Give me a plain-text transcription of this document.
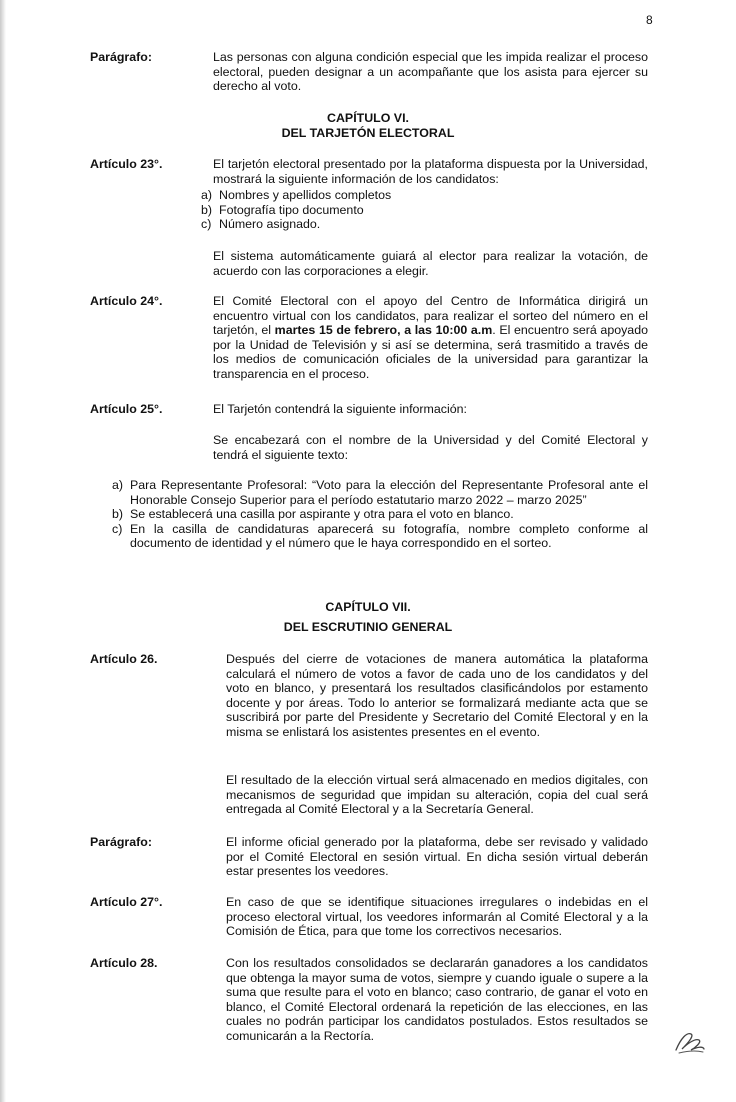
8
Parágrafo:	Las personas con alguna condición especial que les impida realizar el proceso electoral, pueden designar a un acompañante que los asista para ejercer su derecho al voto.

CAPÍTULO VI.
DEL TARJETÓN ELECTORAL
Artículo 23°.	El tarjetón electoral presentado por la plataforma dispuesta por la Universidad, mostrará la siguiente información de los candidatos:

a) Nombres y apellidos completos
b) Fotografía tipo documento
c) Número asignado.

El sistema automáticamente guiará al elector para realizar la votación, de acuerdo con las corporaciones a elegir.

Artículo 24°.	El Comité Electoral con el apoyo del Centro de Informática dirigirá un encuentro virtual con los candidatos, para realizar el sorteo del número en el tarjetón, el martes 15 de febrero, a las 10:00 a.m. El encuentro será apoyado por la Unidad de Televisión y si así se determina, será trasmitido a través de los medios de comunicación oficiales de la universidad para garantizar la transparencia en el proceso.

Artículo 25°.	El Tarjetón contendrá la siguiente información:

Se encabezará con el nombre de la Universidad y del Comité Electoral y tendrá el siguiente texto:

a) Para Representante Profesoral: “Voto para la elección del Representante Profesoral ante el Honorable Consejo Superior para el período estatutario marzo 2022 – marzo 2025”
b) Se establecerá una casilla por aspirante y otra para el voto en blanco.
c) En la casilla de candidaturas aparecerá su fotografía, nombre completo conforme al documento de identidad y el número que le haya correspondido en el sorteo.
CAPÍTULO VII.
DEL ESCRUTINIO GENERAL
Artículo 26.	Después del cierre de votaciones de manera automática la plataforma calculará el número de votos a favor de cada uno de los candidatos y del voto en blanco, y presentará los resultados clasificándolos por estamento docente y por áreas. Todo lo anterior se formalizará mediante acta que se suscribirá por parte del Presidente y Secretario del Comité Electoral y en la misma se enlistará los asistentes presentes en el evento.

El resultado de la elección virtual será almacenado en medios digitales, con mecanismos de seguridad que impidan su alteración, copia del cual será entregada al Comité Electoral y a la Secretaría General.

Parágrafo:	El informe oficial generado por la plataforma, debe ser revisado y validado por el Comité Electoral en sesión virtual. En dicha sesión virtual deberán estar presentes los veedores.

Artículo 27°.	En caso de que se identifique situaciones irregulares o indebidas en el proceso electoral virtual, los veedores informarán al Comité Electoral y a la Comisión de Ética, para que tome los correctivos necesarios.

Artículo 28.	Con los resultados consolidados se declararán ganadores a los candidatos que obtenga la mayor suma de votos, siempre y cuando iguale o supere a la suma que resulte para el voto en blanco; caso contrario, de ganar el voto en blanco, el Comité Electoral ordenará la repetición de las elecciones, en las cuales no podrán participar los candidatos postulados. Estos resultados se comunicarán a la Rectoría.
